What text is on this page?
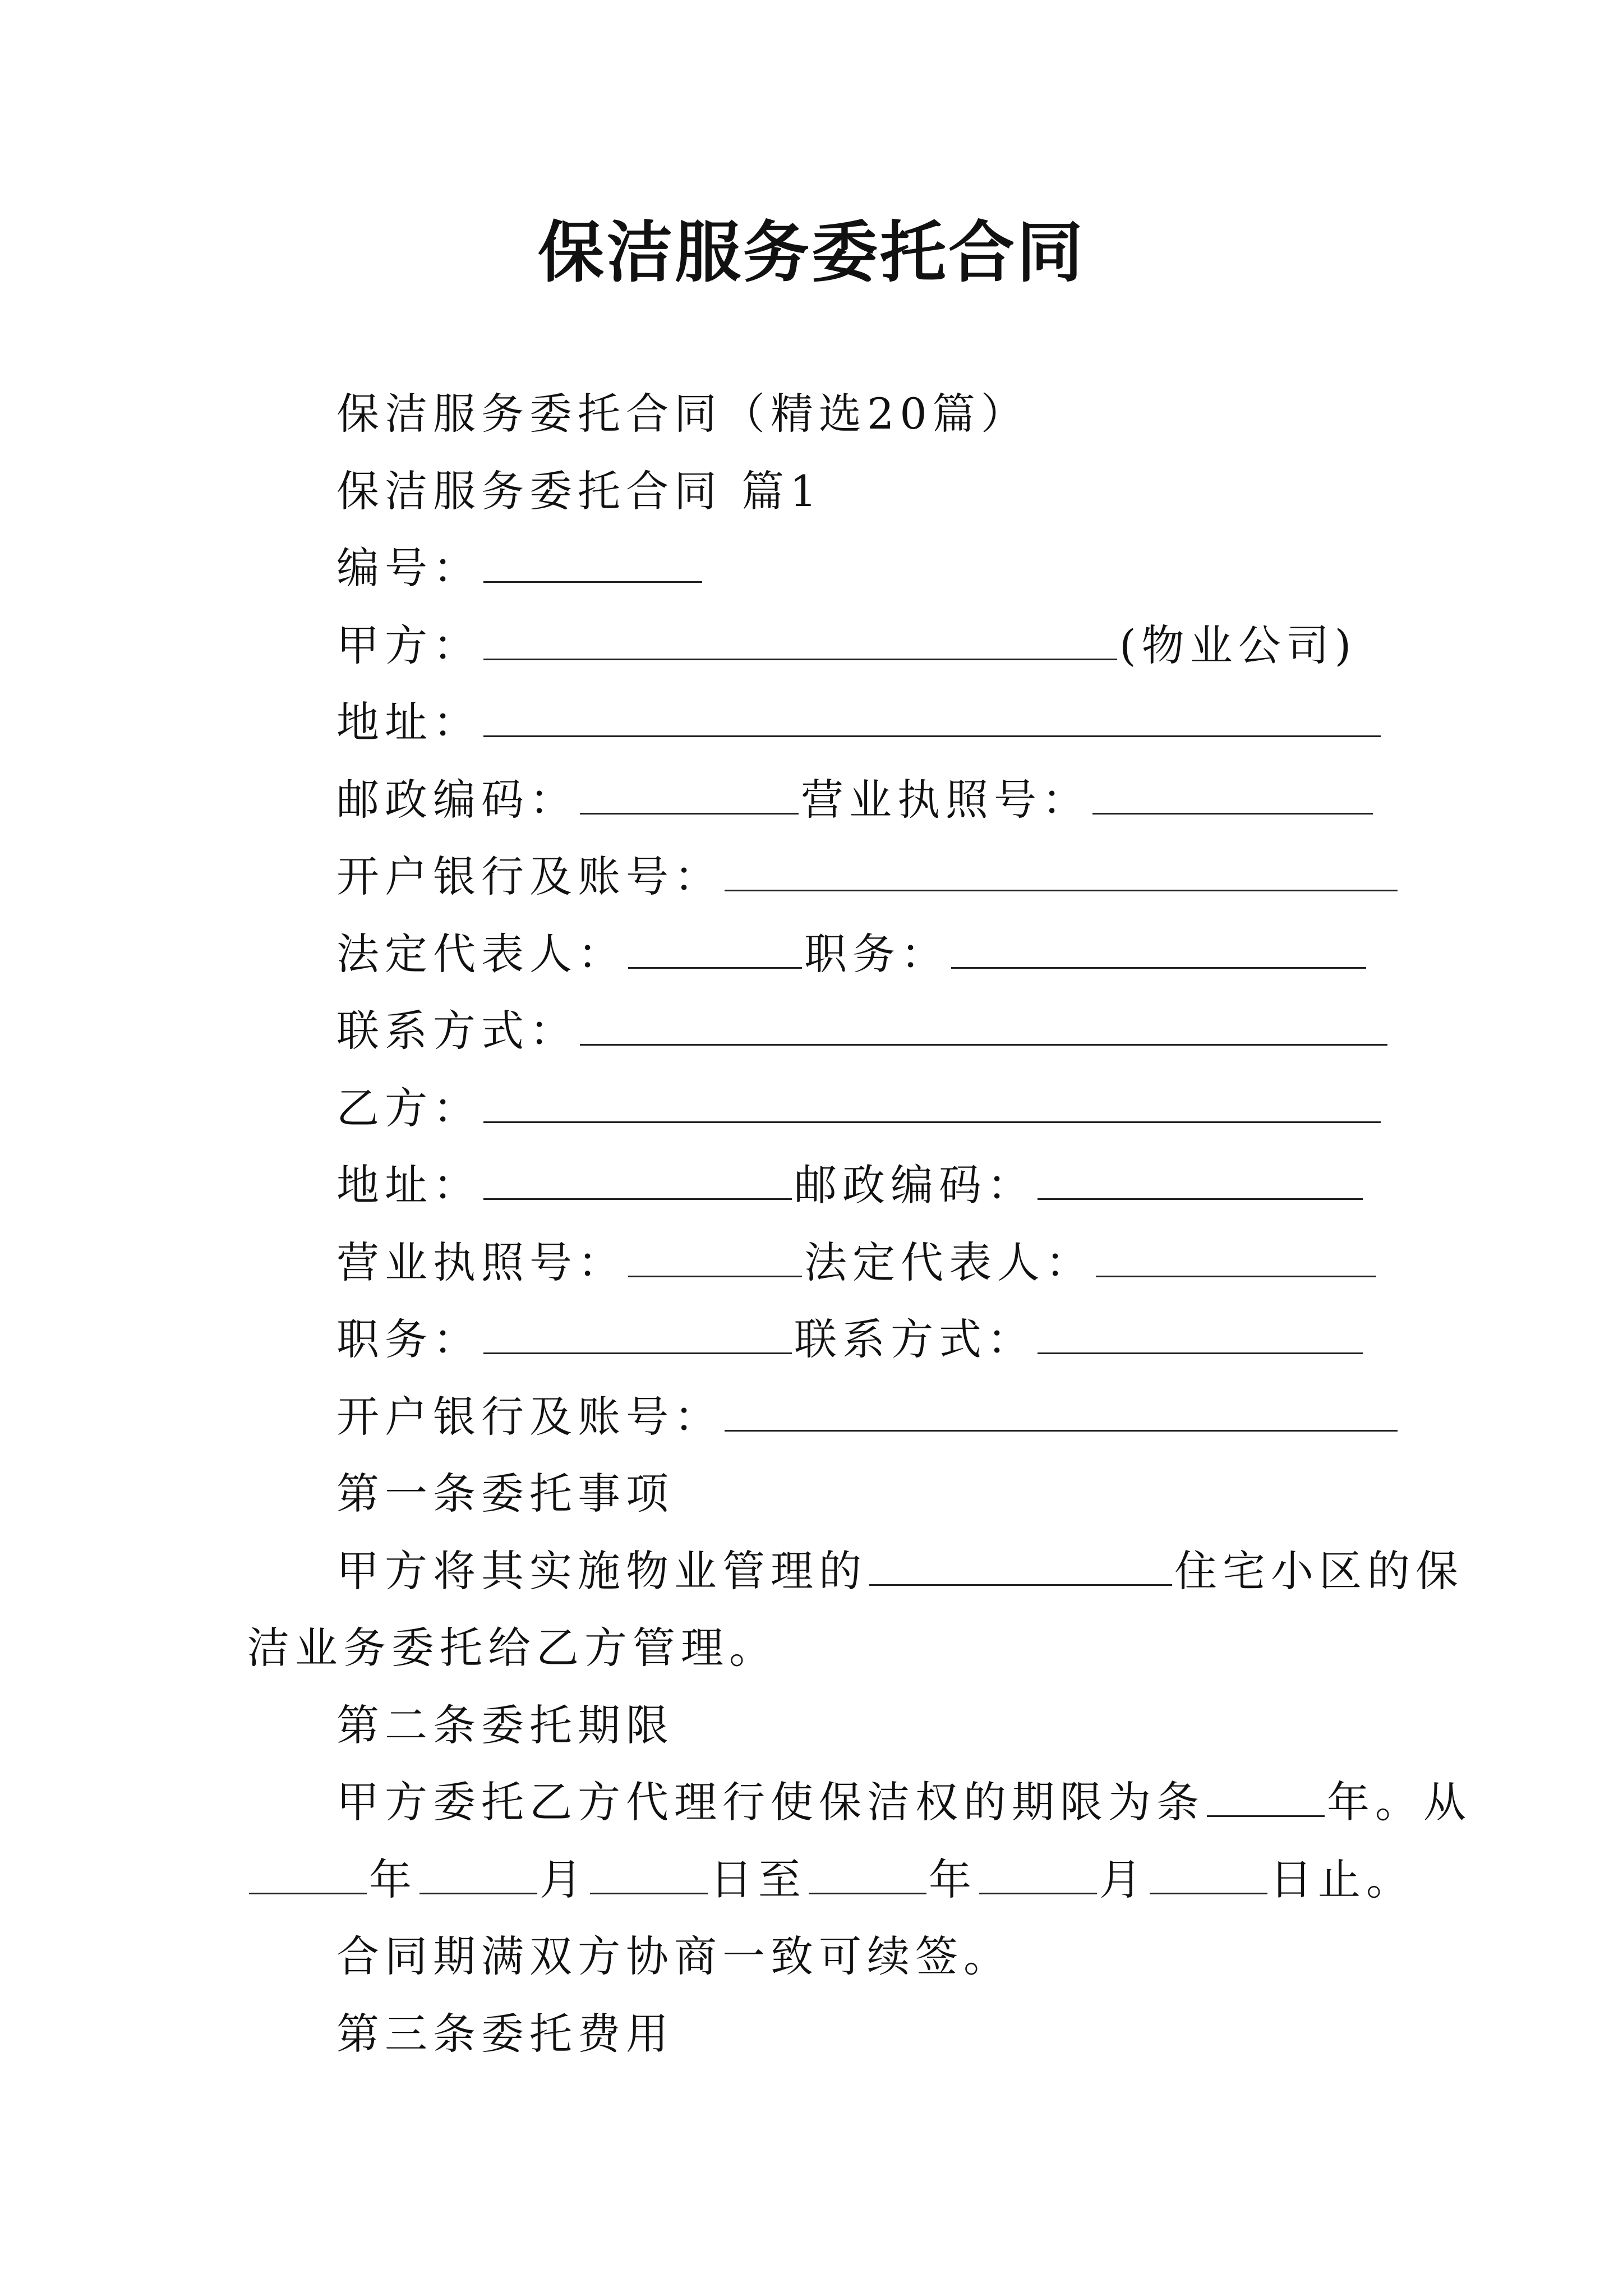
保洁服务委托合同
保洁服务委托合同（精选20篇）
保洁服务委托合同 篇1
编号：
甲方：	(物业公司)
地址：
邮政编码：	营业执照号：
开户银行及账号：
法定代表人：	职务：
联系方式：
乙方：
地址：	邮政编码：
营业执照号：	法定代表人：
职务：	联系方式：
开户银行及账号：
第一条委托事项
甲方将其实施物业管理的	住宅小区的保
洁业务委托给乙方管理。
第二条委托期限
甲方委托乙方代理行使保洁权的期限为条	年。从
年	月	日至	年	月	日止。
合同期满双方协商一致可续签。
第三条委托费用
